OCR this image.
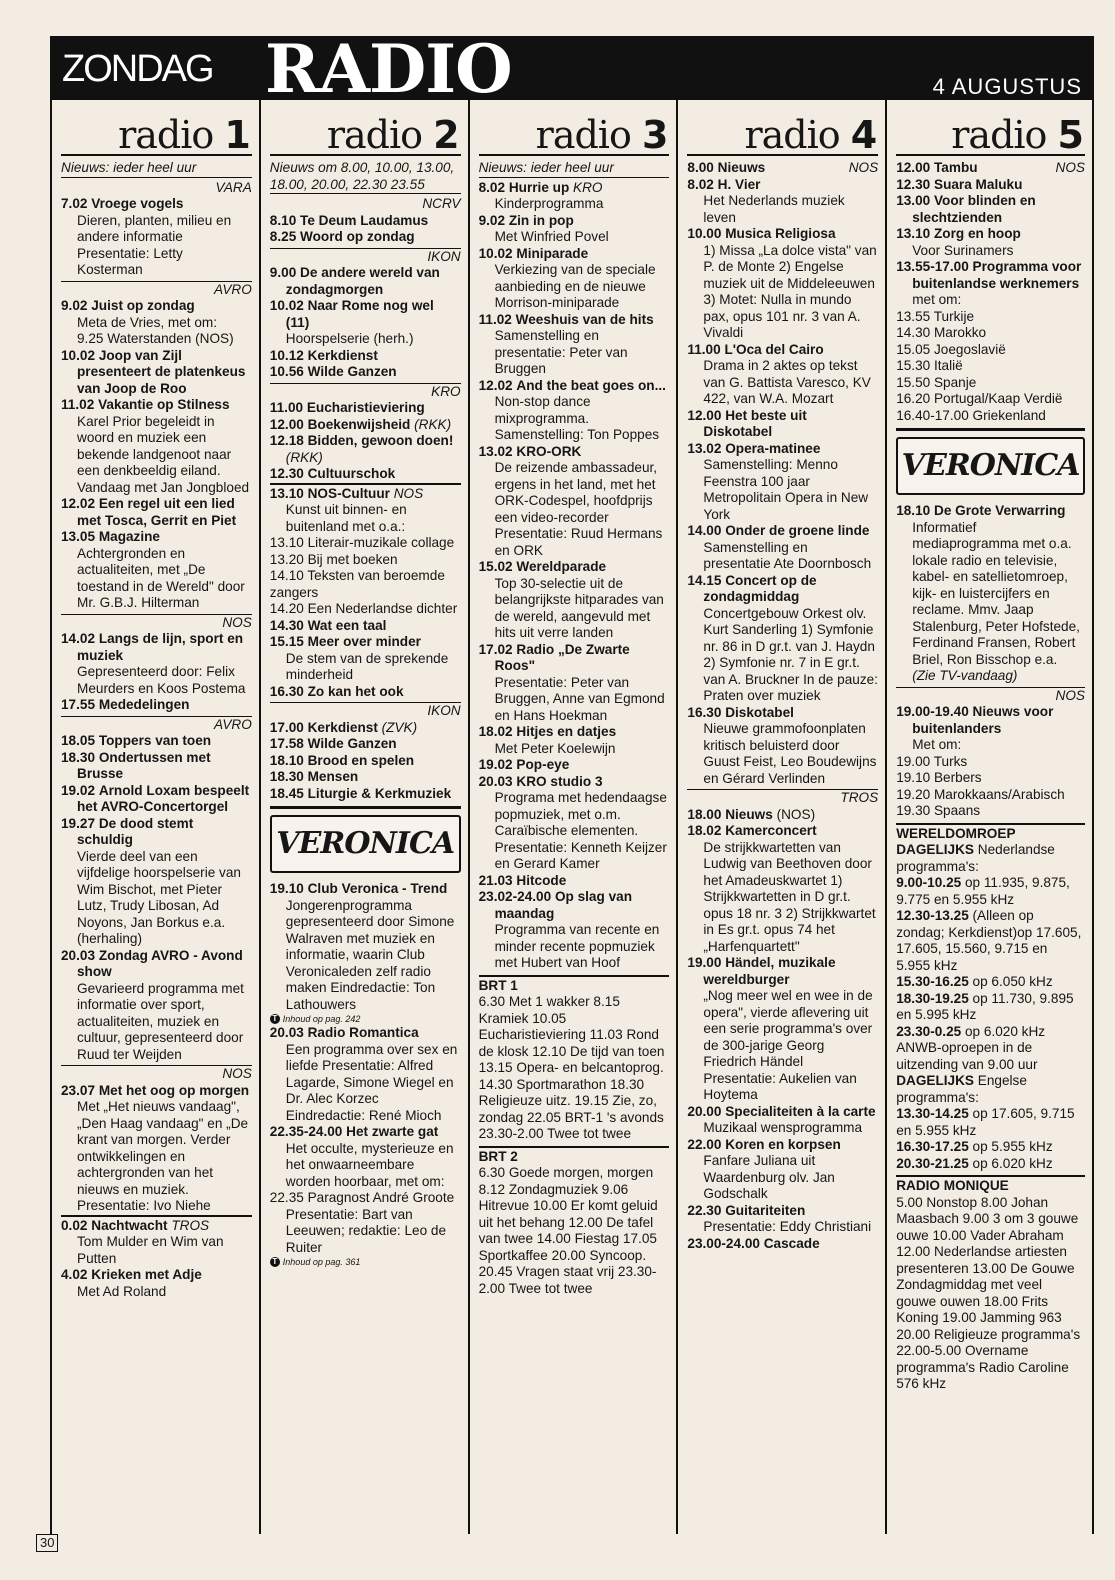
ZONDAG RADIO	4 AUGUSTUS
radio 1
Nieuws: ieder heel uur
VARA

7.02 Vroege vogels

Dieren, planten, milieu en andere informatie Presentatie: Letty Kosterman

AVRO

9.02 Juist op zondag

Meta de Vries, met om:

9.25 Waterstanden (NOS)

10.02 Joop van Zijl presenteert de platenkeus van Joop de Roo

11.02 Vakantie op Stilness

Karel Prior begeleidt in woord en muziek een bekende landgenoot naar een denkbeeldig eiland. Vandaag met Jan Jongbloed

12.02 Een regel uit een lied met Tosca, Gerrit en Piet

13.05 Magazine

Achtergronden en actualiteiten, met „De toestand in de Wereld" door Mr. G.B.J. Hilterman

NOS

14.02 Langs de lijn, sport en muziek

Gepresenteerd door: Felix Meurders en Koos Postema

17.55 Mededelingen

AVRO

18.05 Toppers van toen

18.30 Ondertussen met Brusse

19.02 Arnold Loxam bespeelt het AVRO-Concertorgel

19.27 De dood stemt schuldig

Vierde deel van een vijfdelige hoorspelserie van Wim Bischot, met Pieter Lutz, Trudy Libosan, Ad Noyons, Jan Borkus e.a. (herhaling)

20.03 Zondag AVRO - Avond show

Gevarieerd programma met informatie over sport, actualiteiten, muziek en cultuur, gepresenteerd door Ruud ter Weijden

NOS

23.07 Met het oog op morgen

Met „Het nieuws vandaag", „Den Haag vandaag" en „De krant van morgen. Verder ontwikkelingen en achtergronden van het nieuws en muziek. Presentatie: Ivo Niehe

0.02 Nachtwacht TROS

Tom Mulder en Wim van Putten

4.02 Krieken met Adje

Met Ad Roland

radio 2
Nieuws om 8.00, 10.00, 13.00, 18.00, 20.00, 22.30 23.55
NCRV

8.10 Te Deum Laudamus

8.25 Woord op zondag

IKON

9.00 De andere wereld van zondagmorgen

10.02 Naar Rome nog wel (11)

Hoorspelserie (herh.)

10.12 Kerkdienst

10.56 Wilde Ganzen

KRO

11.00 Eucharistieviering

12.00 Boekenwijsheid (RKK)

12.18 Bidden, gewoon doen! (RKK)

12.30 Cultuurschok

13.10 NOS-Cultuur NOS

Kunst uit binnen- en buitenland met o.a.:

13.10 Literair-muzikale collage

13.20 Bij met boeken

14.10 Teksten van beroemde zangers

14.20 Een Nederlandse dichter

14.30 Wat een taal

15.15 Meer over minder

De stem van de sprekende minderheid

16.30 Zo kan het ook

IKON

17.00 Kerkdienst (ZVK)

17.58 Wilde Ganzen

18.10 Brood en spelen

18.30 Mensen

18.45 Liturgie & Kerkmuziek

VERONICA

19.10 Club Veronica - Trend

Jongerenprogramma gepresenteerd door Simone Walraven met muziek en informatie, waarin Club Veronicaleden zelf radio maken Eindredactie: Ton Lathouwers

T Inhoud op pag. 242

20.03 Radio Romantica

Een programma over sex en liefde Presentatie: Alfred Lagarde, Simone Wiegel en Dr. Alec Korzec Eindredactie: René Mioch

22.35-24.00 Het zwarte gat

Het occulte, mysterieuze en het onwaarneembare worden hoorbaar, met om:

22.35 Paragnost André Groote

Presentatie: Bart van Leeuwen; redaktie: Leo de Ruiter

T Inhoud op pag. 361
radio 3
Nieuws: ieder heel uur

8.02 Hurrie up KRO

Kinderprogramma

9.02 Zin in pop

Met Winfried Povel

10.02 Miniparade

Verkiezing van de speciale aanbieding en de nieuwe Morrison-miniparade

11.02 Weeshuis van de hits

Samenstelling en presentatie: Peter van Bruggen

12.02 And the beat goes on...

Non-stop dance mixprogramma. Samenstelling: Ton Poppes

13.02 KRO-ORK

De reizende ambassadeur, ergens in het land, met het ORK-Codespel, hoofdprijs een video-recorder Presentatie: Ruud Hermans en ORK

15.02 Wereldparade

Top 30-selectie uit de belangrijkste hitparades van de wereld, aangevuld met hits uit verre landen

17.02 Radio „De Zwarte Roos"

Presentatie: Peter van Bruggen, Anne van Egmond en Hans Hoekman

18.02 Hitjes en datjes

Met Peter Koelewijn

19.02 Pop-eye

20.03 KRO studio 3

Programa met hedendaagse popmuziek, met o.m. Caraïbische elementen. Presentatie: Kenneth Keijzer en Gerard Kamer

21.03 Hitcode

23.02-24.00 Op slag van maandag

Programma van recente en minder recente popmuziek met Hubert van Hoof

BRT 1

6.30 Met 1 wakker 8.15 Kramiek 10.05 Eucharistieviering 11.03 Rond de klosk 12.10 De tijd van toen 13.15 Opera- en belcantoprog. 14.30 Sportmarathon 18.30 Religieuze uitz. 19.15 Zie, zo, zondag 22.05 BRT-1 's avonds 23.30-2.00 Twee tot twee

BRT 2

6.30 Goede morgen, morgen 8.12 Zondagmuziek 9.06 Hitrevue 10.00 Er komt geluid uit het behang 12.00 De tafel van twee 14.00 Fiestag 17.05 Sportkaffee 20.00 Syncoop. 20.45 Vragen staat vrij 23.30-2.00 Twee tot twee

radio 4

8.00 Nieuws	NOS

8.02 H. Vier

Het Nederlands muziek leven

10.00 Musica Religiosa

1) Missa „La dolce vista" van P. de Monte 2) Engelse muziek uit de Middeleeuwen 3) Motet: Nulla in mundo pax, opus 101 nr. 3 van A. Vivaldi

11.00 L'Oca del Cairo

Drama in 2 aktes op tekst van G. Battista Varesco, KV 422, van W.A. Mozart

12.00 Het beste uit Diskotabel

13.02 Opera-matinee

Samenstelling: Menno Feenstra 100 jaar Metropolitain Opera in New York

14.00 Onder de groene linde

Samenstelling en presentatie Ate Doornbosch

14.15 Concert op de zondagmiddag

Concertgebouw Orkest olv. Kurt Sanderling 1) Symfonie nr. 86 in D gr.t. van J. Haydn 2) Symfonie nr. 7 in E gr.t. van A. Bruckner In de pauze: Praten over muziek

16.30 Diskotabel

Nieuwe grammofoonplaten kritisch beluisterd door Guust Feist, Leo Boudewijns en Gérard Verlinden

TROS

18.00 Nieuws (NOS)

18.02 Kamerconcert

De strijkkwartetten van Ludwig van Beethoven door het Amadeuskwartet 1) Strijkkwartetten in D gr.t. opus 18 nr. 3 2) Strijkkwartet in Es gr.t. opus 74 het „Harfenquartett"

19.00 Händel, muzikale wereldburger

„Nog meer wel en wee in de opera", vierde aflevering uit een serie programma's over de 300-jarige Georg Friedrich Händel Presentatie: Aukelien van Hoytema

20.00 Specialiteiten à la carte

Muzikaal wensprogramma

22.00 Koren en korpsen

Fanfare Juliana uit Waardenburg olv. Jan Godschalk

22.30 Guitariteiten

Presentatie: Eddy Christiani

23.00-24.00 Cascade

radio 5

12.00 Tambu	NOS

12.30 Suara Maluku

13.00 Voor blinden en slechtzienden

13.10 Zorg en hoop

Voor Surinamers

13.55-17.00 Programma voor buitenlandse werknemers met om:

13.55 Turkije

14.30 Marokko

15.05 Joegoslavië

15.30 Italië

15.50 Spanje

16.20 Portugal/Kaap Verdië

16.40-17.00 Griekenland

VERONICA

18.10 De Grote Verwarring

Informatief mediaprogramma met o.a. lokale radio en televisie, kabel- en satellietomroep, kijk- en luistercijfers en reclame. Mmv. Jaap Stalenburg, Peter Hofstede, Ferdinand Fransen, Robert Briel, Ron Bisschop e.a.

(Zie TV-vandaag)

NOS

19.00-19.40 Nieuws voor buitenlanders

Met om:

19.00 Turks

19.10 Berbers

19.20 Marokkaans/Arabisch

19.30 Spaans

WERELDOMROEP

DAGELIJKS Nederlandse programma's:

9.00-10.25 op 11.935, 9.875, 9.775 en 5.955 kHz

12.30-13.25 (Alleen op zondag; Kerkdienst)op 17.605, 17.605, 15.560, 9.715 en 5.955 kHz

15.30-16.25 op 6.050 kHz

18.30-19.25 op 11.730, 9.895 en 5.995 kHz

23.30-0.25 op 6.020 kHz

ANWB-oproepen in de uitzending van 9.00 uur

DAGELIJKS Engelse programma's:

13.30-14.25 op 17.605, 9.715 en 5.955 kHz

16.30-17.25 op 5.955 kHz

20.30-21.25 op 6.020 kHz

RADIO MONIQUE

5.00 Nonstop 8.00 Johan Maasbach 9.00 3 om 3 gouwe ouwe 10.00 Vader Abraham 12.00 Nederlandse artiesten presenteren 13.00 De Gouwe Zondagmiddag met veel gouwe ouwen 18.00 Frits Koning 19.00 Jamming 963 20.00 Religieuze programma's 22.00-5.00 Overname programma's Radio Caroline 576 kHz

30
